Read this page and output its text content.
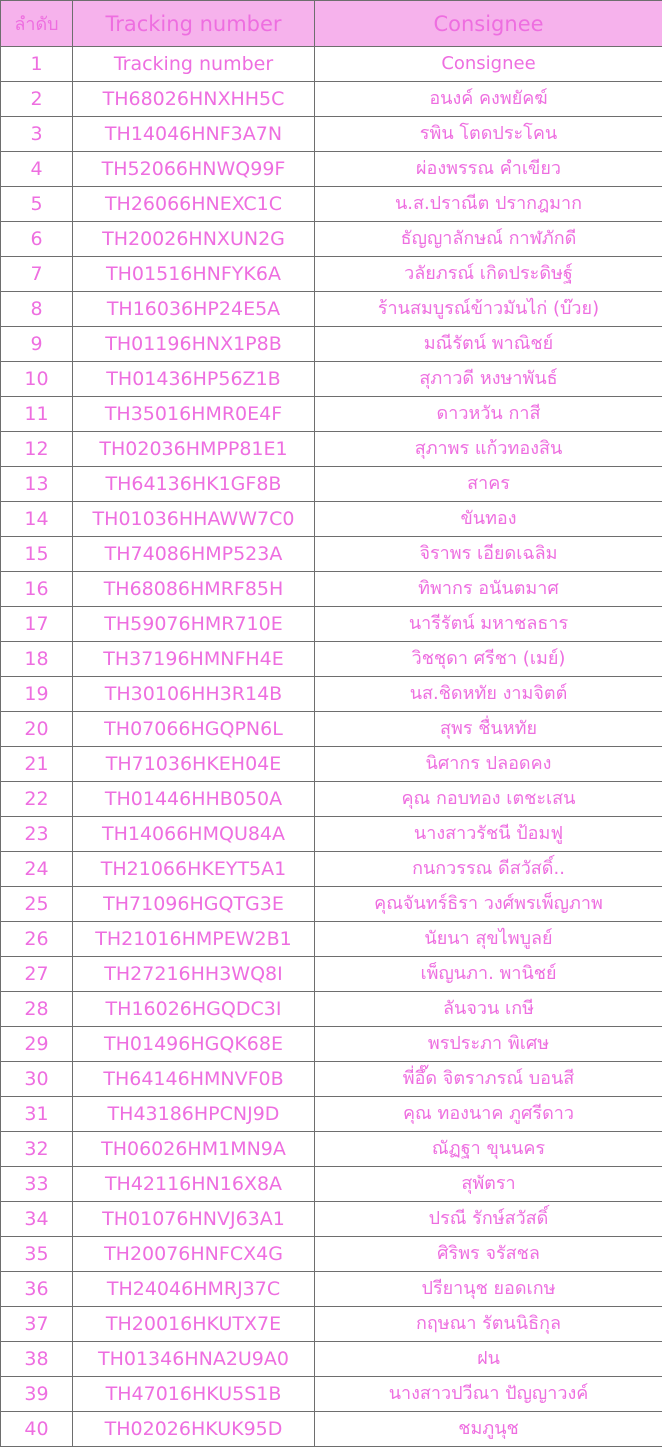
ลำดับ	Tracking number	Consignee
1	Tracking number	Consignee
2	TH68026HNXHH5C	อนงค์ คงพยัคฆ์
3	TH14046HNF3A7N	รพิน โตดประโคน
4	TH52066HNWQ99F	ผ่องพรรณ คำเขียว
5	TH26066HNEXC1C	น.ส.ปราณีต ปรากฎมาก
6	TH20026HNXUN2G	ธัญญาลักษณ์ กาฬภักดี
7	TH01516HNFYK6A	วลัยภรณ์ เกิดประดิษฐ์
8	TH16036HP24E5A	ร้านสมบูรณ์ข้าวมันไก่ (บ๊วย)
9	TH01196HNX1P8B	มณีรัตน์ พาณิชย์
10	TH01436HP56Z1B	สุภาวดี หงษาพันธ์
11	TH35016HMR0E4F	ดาวหวัน กาสี
12	TH02036HMPP81E1	สุภาพร แก้วทองสิน
13	TH64136HK1GF8B	สาคร
14	TH01036HHAWW7C0	ขันทอง
15	TH74086HMP523A	จิราพร เอียดเฉลิม
16	TH68086HMRF85H	ทิพากร อนันตมาศ
17	TH59076HMR710E	นารีรัตน์ มหาชลธาร
18	TH37196HMNFH4E	วิชชุดา ศรีชา (เมย์)
19	TH30106HH3R14B	นส.ชิดหทัย งามจิตต์
20	TH07066HGQPN6L	สุพร ชื่นหทัย
21	TH71036HKEH04E	นิศากร ปลอดคง
22	TH01446HHB050A	คุณ กอบทอง เตชะเสน
23	TH14066HMQU84A	นางสาวรัชนี ป้อมฟู
24	TH21066HKEYT5A1	กนกวรรณ ดีสวัสดิ์..
25	TH71096HGQTG3E	คุณจันทร์ธิรา วงศ์พรเพ็ญภาพ
26	TH21016HMPEW2B1	นัยนา สุขไพบูลย์
27	TH27216HH3WQ8I	เพ็ญนภา. พานิชย์
28	TH16026HGQDC3I	ลันจวน เกษี
29	TH01496HGQK68E	พรประภา พิเศษ
30	TH64146HMNVF0B	พี่อึ๊ด จิตราภรณ์ บอนสี
31	TH43186HPCNJ9D	คุณ ทองนาค ภูศรีดาว
32	TH06026HM1MN9A	ณัฏฐา ขุนนคร
33	TH42116HN16X8A	สุพัตรา
34	TH01076HNVJ63A1	ปรณี รักษ์สวัสดิ์
35	TH20076HNFCX4G	ศิริพร จรัสชล
36	TH24046HMRJ37C	ปรียานุช ยอดเกษ
37	TH20016HKUTX7E	กฤษณา รัตนนิธิกุล
38	TH01346HNA2U9A0	ฝน
39	TH47016HKU5S1B	นางสาวปวีณา ปัญญาวงค์
40	TH02026HKUK95D	ชมภูนุช
